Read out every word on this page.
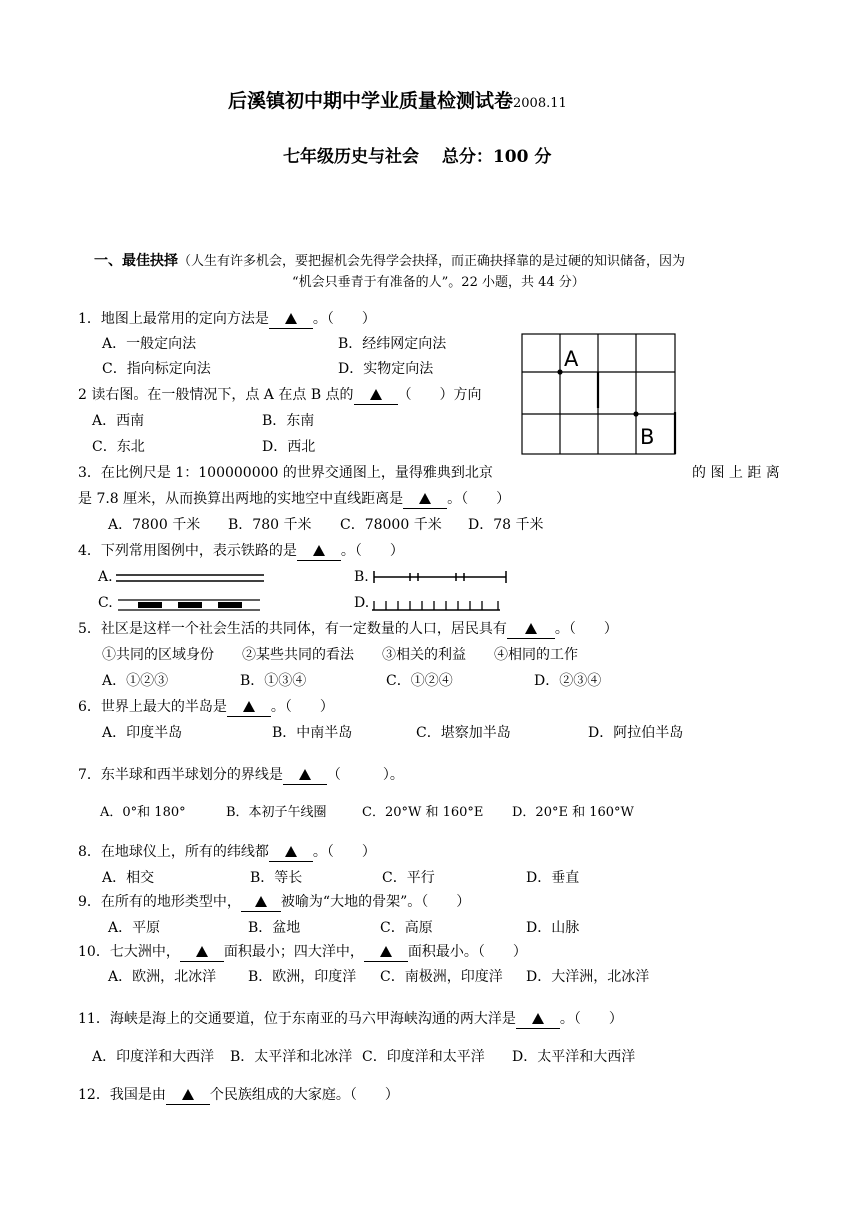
后溪镇初中期中学业质量检测试卷2008.11
七年级历史与社会　 总分：100 分
一、最佳抉择（人生有许多机会，要把握机会先得学会抉择，而正确抉择靠的是过硬的知识储备，因为
“机会只垂青于有准备的人”。22 小题，共 44 分）
1．地图上最常用的定向方法是	。（　　）
A．一般定向法	B．经纬网定向法
C．指向标定向法	D．实物定向法	A
B
2 读右图。在一般情况下，点 A 在点 B 点的	（　　）方向
A．西南	B．东南
C．东北	D．西北
3．在比例尺是 1：100000000 的世界交通图上，量得雅典到北京	的 图 上 距 离
是 7.8 厘米，从而换算出两地的实地空中直线距离是	。（　　）
A．7800 千米 B．780 千米 C．78000 千米 D．78 千米
4．下列常用图例中，表示铁路的是	。（　　）
A.	B.
C.	D.
5．社区是这样一个社会生活的共同体，有一定数量的人口，居民具有	。（　　）
①共同的区域身份　　②某些共同的看法　　③相关的利益　　④相同的工作
A．①②③	B．①③④	C．①②④	D．②③④
6．世界上最大的半岛是	。（　　）
A．印度半岛	B．中南半岛	C．堪察加半岛	D．阿拉伯半岛
7．东半球和西半球划分的界线是	（　　　）。
A．0°和 180°	B．本初子午线圈	C．20°W 和 160°E D．20°E 和 160°W
8．在地球仪上，所有的纬线都	。（　　）
A．相交	B．等长	C．平行	D．垂直
9．在所有的地形类型中，	被喻为“大地的骨架”。（　　）
A．平原	B．盆地	C．高原	D．山脉
10．七大洲中，	面积最小；四大洋中，	面积最小。（　　）
A．欧洲，北冰洋 B．欧洲，印度洋 C．南极洲，印度洋 D．大洋洲，北冰洋
11．海峡是海上的交通要道，位于东南亚的马六甲海峡沟通的两大洋是	。（　　）
A．印度洋和大西洋 B．太平洋和北冰洋 C．印度洋和太平洋 D．太平洋和大西洋
12．我国是由	个民族组成的大家庭。（　　）
